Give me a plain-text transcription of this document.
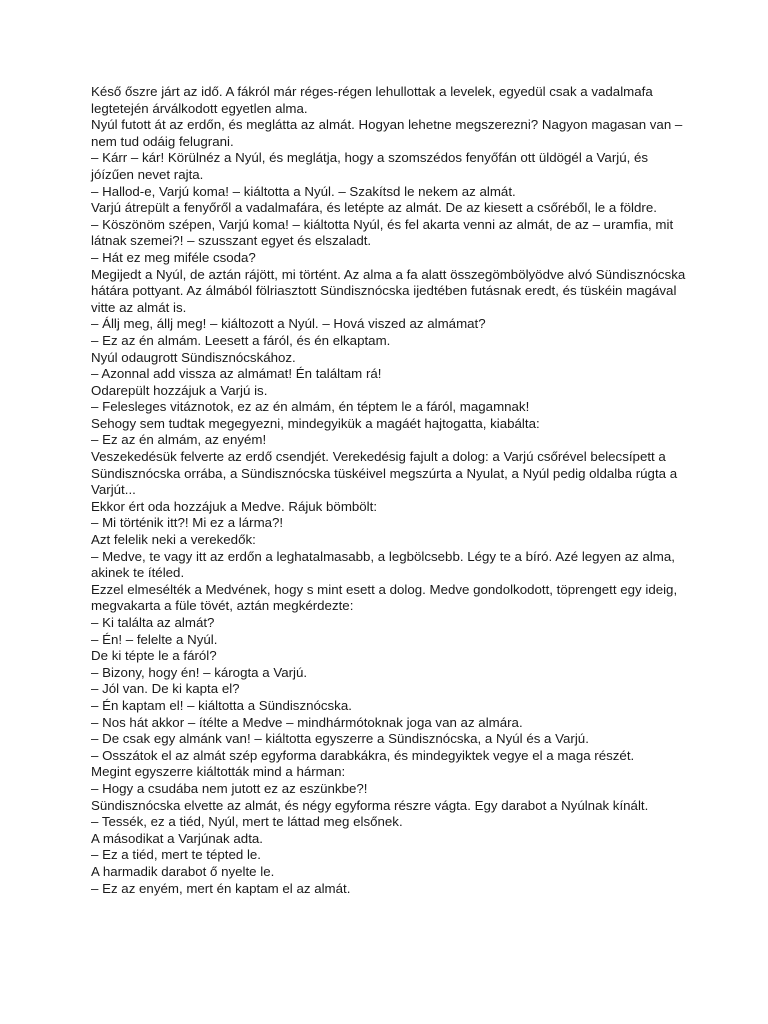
Késő őszre járt az idő. A fákról már réges-régen lehullottak a levelek, egyedül csak a vadalmafa legtetején árválkodott egyetlen alma.

Nyúl futott át az erdőn, és meglátta az almát. Hogyan lehetne megszerezni? Nagyon magasan van – nem tud odáig felugrani.

– Kárr – kár! Körülnéz a Nyúl, és meglátja, hogy a szomszédos fenyőfán ott üldögél a Varjú, és jóízűen nevet rajta.

– Hallod-e, Varjú koma! – kiáltotta a Nyúl. – Szakítsd le nekem az almát.

Varjú átrepült a fenyőről a vadalmafára, és letépte az almát. De az kiesett a csőréből, le a földre.

– Köszönöm szépen, Varjú koma! – kiáltotta Nyúl, és fel akarta venni az almát, de az – uramfia, mit látnak szemei?! – szusszant egyet és elszaladt.

– Hát ez meg miféle csoda?

Megijedt a Nyúl, de aztán rájött, mi történt. Az alma a fa alatt összegömbölyödve alvó Sündisznócska hátára pottyant. Az álmából fölriasztott Sündisznócska ijedtében futásnak eredt, és tüskéin magával vitte az almát is.

– Állj meg, állj meg! – kiáltozott a Nyúl. – Hová viszed az almámat?

– Ez az én almám. Leesett a fáról, és én elkaptam.

Nyúl odaugrott Sündisznócskához.

– Azonnal add vissza az almámat! Én találtam rá!

Odarepült hozzájuk a Varjú is.

– Felesleges vitáznotok, ez az én almám, én téptem le a fáról, magamnak!

Sehogy sem tudtak megegyezni, mindegyikük a magáét hajtogatta, kiabálta:

– Ez az én almám, az enyém!

Veszekedésük felverte az erdő csendjét. Verekedésig fajult a dolog: a Varjú csőrével belecsípett a Sündisznócska orrába, a Sündisznócska tüskéivel megszúrta a Nyulat, a Nyúl pedig oldalba rúgta a Varjút...

Ekkor ért oda hozzájuk a Medve. Rájuk bömbölt:

– Mi történik itt?! Mi ez a lárma?!

Azt felelik neki a verekedők:

– Medve, te vagy itt az erdőn a leghatalmasabb, a legbölcsebb. Légy te a bíró. Azé legyen az alma, akinek te ítéled.

Ezzel elmesélték a Medvének, hogy s mint esett a dolog. Medve gondolkodott, töprengett egy ideig, megvakarta a füle tövét, aztán megkérdezte:

– Ki találta az almát?

– Én! – felelte a Nyúl.

De ki tépte le a fáról?

– Bizony, hogy én! – károgta a Varjú.

– Jól van. De ki kapta el?

– Én kaptam el! – kiáltotta a Sündisznócska.

– Nos hát akkor – ítélte a Medve – mindhármótoknak joga van az almára.

– De csak egy almánk van! – kiáltotta egyszerre a Sündisznócska, a Nyúl és a Varjú.

– Osszátok el az almát szép egyforma darabkákra, és mindegyiktek vegye el a maga részét.

Megint egyszerre kiáltották mind a hárman:

– Hogy a csudába nem jutott ez az eszünkbe?!

Sündisznócska elvette az almát, és négy egyforma részre vágta. Egy darabot a Nyúlnak kínált.

– Tessék, ez a tiéd, Nyúl, mert te láttad meg elsőnek.

A másodikat a Varjúnak adta.

– Ez a tiéd, mert te tépted le.

A harmadik darabot ő nyelte le.

– Ez az enyém, mert én kaptam el az almát.
